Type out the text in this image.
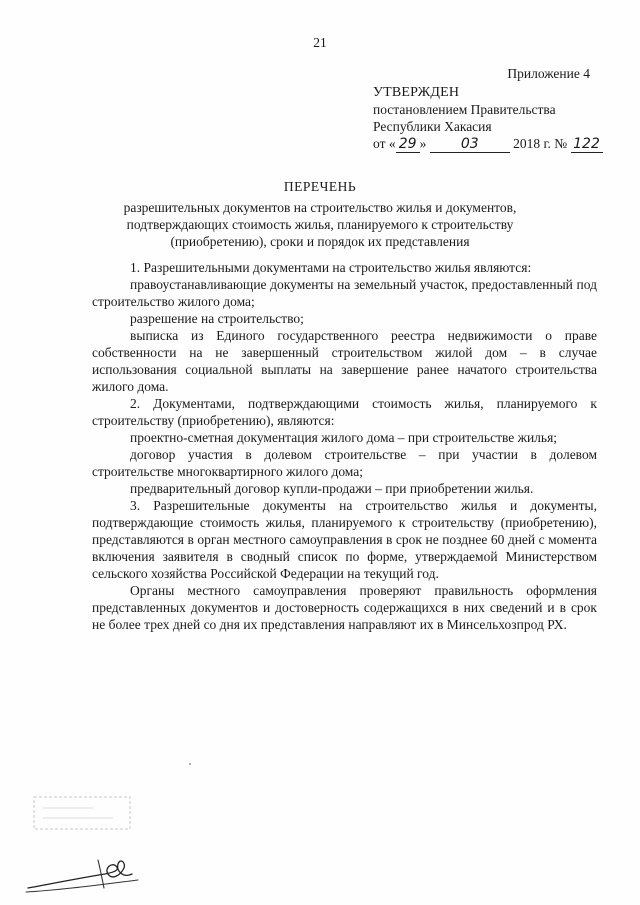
21
Приложение 4
УТВЕРЖДЕН
постановлением Правительства
Республики Хакасия
от « 29 » 03	2018 г. № 122
ПЕРЕЧЕНЬ
разрешительных документов на строительство жилья и документов,
подтверждающих стоимость жилья, планируемого к строительству
(приобретению), сроки и порядок их представления

1. Разрешительными документами на строительство жилья являются:

правоустанавливающие документы на земельный участок, предоставленный под строительство жилого дома;

разрешение на строительство;

выписка из Единого государственного реестра недвижимости о праве собственности на не завершенный строительством жилой дом – в случае использования социальной выплаты на завершение ранее начатого строительства жилого дома.

2. Документами, подтверждающими стоимость жилья, планируемого к строительству (приобретению), являются:

проектно-сметная документация жилого дома – при строительстве жилья;

договор участия в долевом строительстве – при участии в долевом строительстве многоквартирного жилого дома;

предварительный договор купли-продажи – при приобретении жилья.

3. Разрешительные документы на строительство жилья и документы, подтверждающие стоимость жилья, планируемого к строительству (приобретению), представляются в орган местного самоуправления в срок не позднее 60 дней с момента включения заявителя в сводный список по форме, утверждаемой Министерством сельского хозяйства Российской Федерации на текущий год.

Органы местного самоуправления проверяют правильность оформления представленных документов и достоверность содержащихся в них сведений и в срок не более трех дней со дня их представления направляют их в Минсельхозпрод РХ.
